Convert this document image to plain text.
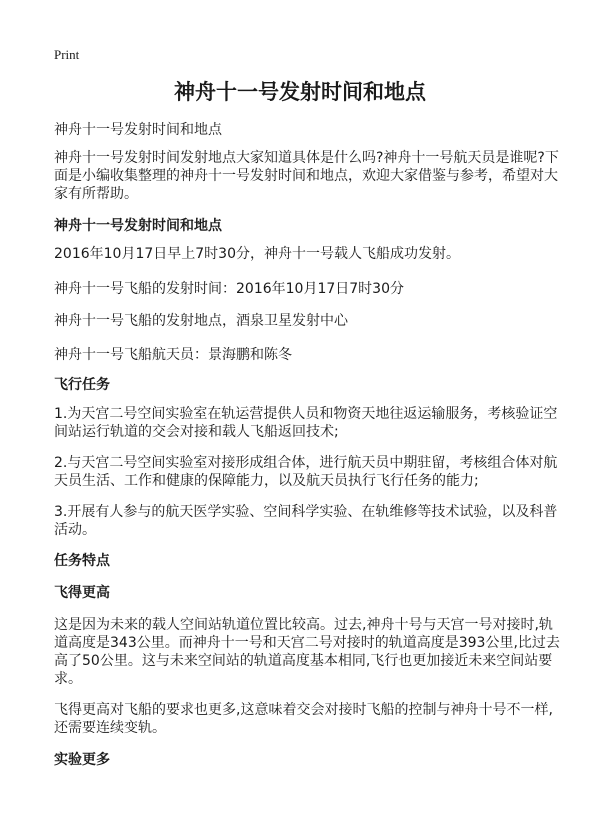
Print
神舟十一号发射时间和地点
神舟十一号发射时间和地点
神舟十一号发射时间发射地点大家知道具体是什么吗?神舟十一号航天员是谁呢?下
面是小编收集整理的神舟十一号发射时间和地点，欢迎大家借鉴与参考，希望对大
家有所帮助。
神舟十一号发射时间和地点
2016年10月17日早上7时30分，神舟十一号载人飞船成功发射。
神舟十一号飞船的发射时间：2016年10月17日7时30分
神舟十一号飞船的发射地点，酒泉卫星发射中心
神舟十一号飞船航天员：景海鹏和陈冬
飞行任务
1.为天宫二号空间实验室在轨运营提供人员和物资天地往返运输服务，考核验证空
间站运行轨道的交会对接和载人飞船返回技术;
2.与天宫二号空间实验室对接形成组合体，进行航天员中期驻留，考核组合体对航
天员生活、工作和健康的保障能力，以及航天员执行飞行任务的能力;
3.开展有人参与的航天医学实验、空间科学实验、在轨维修等技术试验，以及科普
活动。
任务特点
飞得更高
这是因为未来的载人空间站轨道位置比较高。过去,神舟十号与天宫一号对接时,轨
道高度是343公里。而神舟十一号和天宫二号对接时的轨道高度是393公里,比过去
高了50公里。这与未来空间站的轨道高度基本相同,飞行也更加接近未来空间站要
求。
飞得更高对飞船的要求也更多,这意味着交会对接时飞船的控制与神舟十号不一样,
还需要连续变轨。
实验更多
